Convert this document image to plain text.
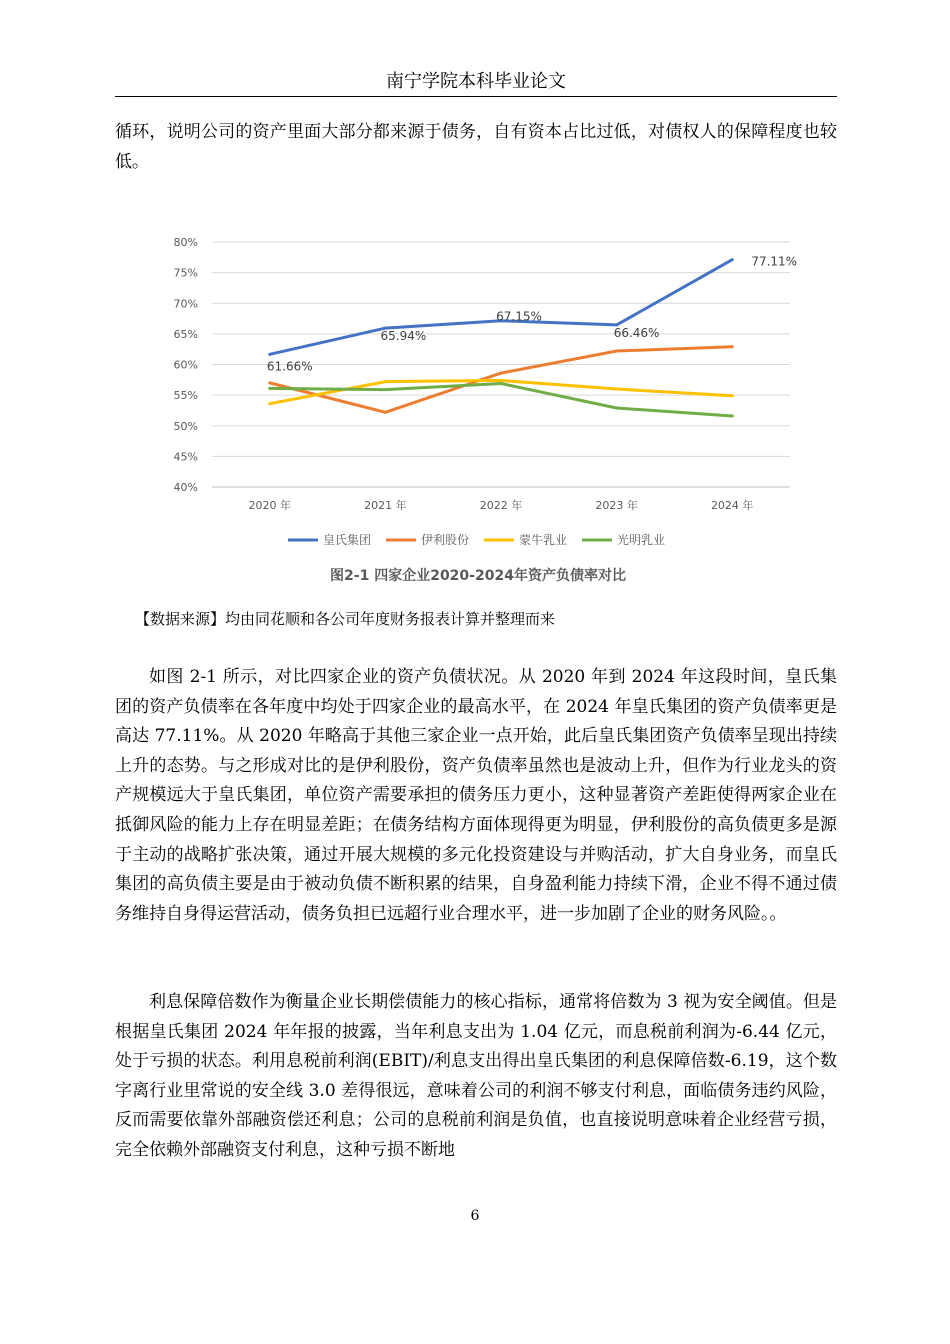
南宁学院本科毕业论文

循环，说明公司的资产里面大部分都来源于债务，自有资本占比过低，对债权人的保障程度也较低。

40%
45%
50%
55%
60%
65%
70%
75%
80%
2020 年	2021 年	2022 年	2023 年	2024 年
61.66%
65.94%
67.15%
66.46%
77.11%
皇氏集团	伊利股份	蒙牛乳业	光明乳业
图2-1 四家企业2020-2024年资产负债率对比
【数据来源】均由同花顺和各公司年度财务报表计算并整理而来

如图 2-1 所示，对比四家企业的资产负债状况。从 2020 年到 2024 年这段时间，皇氏集团的资产负债率在各年度中均处于四家企业的最高水平，在 2024 年皇氏集团的资产负债率更是高达 77.11%。从 2020 年略高于其他三家企业一点开始，此后皇氏集团资产负债率呈现出持续上升的态势。与之形成对比的是伊利股份，资产负债率虽然也是波动上升，但作为行业龙头的资产规模远大于皇氏集团，单位资产需要承担的债务压力更小，这种显著资产差距使得两家企业在抵御风险的能力上存在明显差距；在债务结构方面体现得更为明显，伊利股份的高负债更多是源于主动的战略扩张决策，通过开展大规模的多元化投资建设与并购活动，扩大自身业务，而皇氏集团的高负债主要是由于被动负债不断积累的结果，自身盈利能力持续下滑，企业不得不通过债务维持自身得运营活动，债务负担已远超行业合理水平，进一步加剧了企业的财务风险。。

利息保障倍数作为衡量企业长期偿债能力的核心指标，通常将倍数为 3 视为安全阈值。但是根据皇氏集团 2024 年年报的披露，当年利息支出为 1.04 亿元，而息税前利润为-6.44 亿元，处于亏损的状态。利用息税前利润(EBIT)/利息支出得出皇氏集团的利息保障倍数-6.19，这个数字离行业里常说的安全线 3.0 差得很远，意味着公司的利润不够支付利息，面临债务违约风险，反而需要依靠外部融资偿还利息；公司的息税前利润是负值，也直接说明意味着企业经营亏损，完全依赖外部融资支付利息，这种亏损不断地

6
